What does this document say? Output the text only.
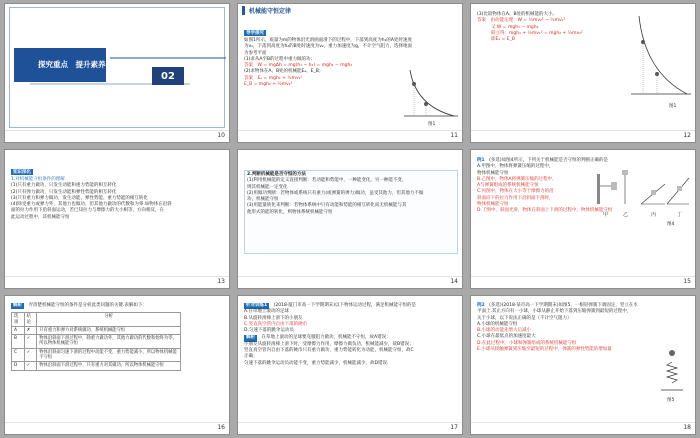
探究重点　提升素养
02
10
机械能守恒定律
导学探究
如图1所示，质量为m的物体沿光滑曲面滑下的过程中，下落到高度为h₁的A处时速度
为v₁，下落到高度为h₂的B处时速度为v₂，重力加速度为g，不计空气阻力，选择地面
为参考平面
(1)求从A至B的过程中重力做的功；
答案　 W = mgΔh = mg(h₁ − h₂) = mgh₁ − mgh₂
(2)求物体在A、B处的机械能Eₐ、E_B；
答案　 Eₐ = mgh₁ + ½mv₁²
E_B = mgh₂ + ½mv₂²
图1
11
(3)比较物体在A、B处的机械能的大小。
答案　 由动能定理：W = ½mv₂² − ½mv₁²
又 W = mgh₁ − mgh₂
联立得：mgh₁ + ½mv₁² = mgh₂ + ½mv₂²
即Eₐ = E_B
图1
12
知识深化
1.对机械能守恒条件的理解
(1)只有重力做功，只发生动能和重力势能的相互转化
(2)只有弹力做功，只发生动能和弹性势能的相互转化
(3)只有重力和弹力做功，发生动能、弹性势能、重力势能的相互转化
(4)除受重力或弹力外，其他力也做功，但其他力做功的代数和为零.如物体在沿斜
面的拉力作用下沿斜面运动，若已知拉力与摩擦力的大小相等，方向相反，在
此运动过程中，其机械能守恒
13
2.判断机械能是否守恒的方法
(1)利用机械能的定义直接判断：若动能和势能中，一种能变化，另一种能不变，
则其机械能一定变化
(2)用做功判断：若物体或系统只有重力(或弹簧的弹力)做功，虽受其他力，但其他力不做
功，机械能守恒
(3)用能量转化来判断：若物体系统中只有动能和势能的相互转化而无机械能与其
他形式的能的转化，则物体系统机械能守恒
14
例1　 (多选)如图4所示，下列关于机械能是否守恒的判断正确的是
A.甲图中，物体将弹簧压缩的过程中，
物体机械能守恒
B.乙图中，物体A将弹簧压缩的过程中，
A与弹簧组成的系统机械能守恒
C.丙图中，物体在大小等于摩擦力的沿
斜面向下的拉力作用下沿斜面下滑时，
物体机械能守恒
D.丁图中，斜面光滑，物体在斜面上下滑的过程中，物体机械能守恒
甲	乙	丙	丁
图4
15
解析　 弄清楚机械能守恒的条件是分析此类问题的关键.表解如下：
选项	结论	分析
A	✗	只有重力和弹力对系统做功，系统机械能守恒
B	✓	物体沿斜面下滑过程中，除重力做功外，其他力做功的代数和始终为零，所以物体机械能守恒
C	✓	物体沿斜面匀速下滑的过程中动能不变，重力势能减小，所以物体机械能不守恒
D	✓	物体沿斜面下滑过程中，只有重力对其做功，所以物体机械能守恒
16
针对训练1　 (2018·厦门市高一下学期期末)以下物体运动过程，满足机械能守恒的是
A.在草地上滚动的足球
B.从旋转滑梯上滑下的小朋友
C.竖直真空管内自由下落的硬币
D.匀速下落的跳伞运动员
解析　 在草地上滚动的足球要克服阻力做功，机械能不守恒，故A错误；
小朋友从旋转滑梯上滑下时，受摩擦力作用，摩擦力做负功，机械能减少，故B错误；
竖直真空管内自由下落的硬币只有重力做功，重力势能转化为动能，机械能守恒，故C
正确；
匀速下落的跳伞运动员动能不变，重力势能减少，机械能减少，故D错误.
17
例2　 (多选)(2018·某市高一下学期期末)如图5，一根轻弹簧下端固定，竖立在水
平面上.其正方向有一小球，小球从静止开始下落到压缩弹簧到最短的过程中，
关于小球，以下说法正确的是（不计空气阻力）
A.小球的机械能守恒
B.小球的动能先增大后减小
C.小球在最低点的加速度最大
D.在此过程中，小球和弹簧组成的系统机械能守恒
E.小球从接触弹簧到压缩至最短的过程中，弹簧的弹性势能的增加量
图5
18
